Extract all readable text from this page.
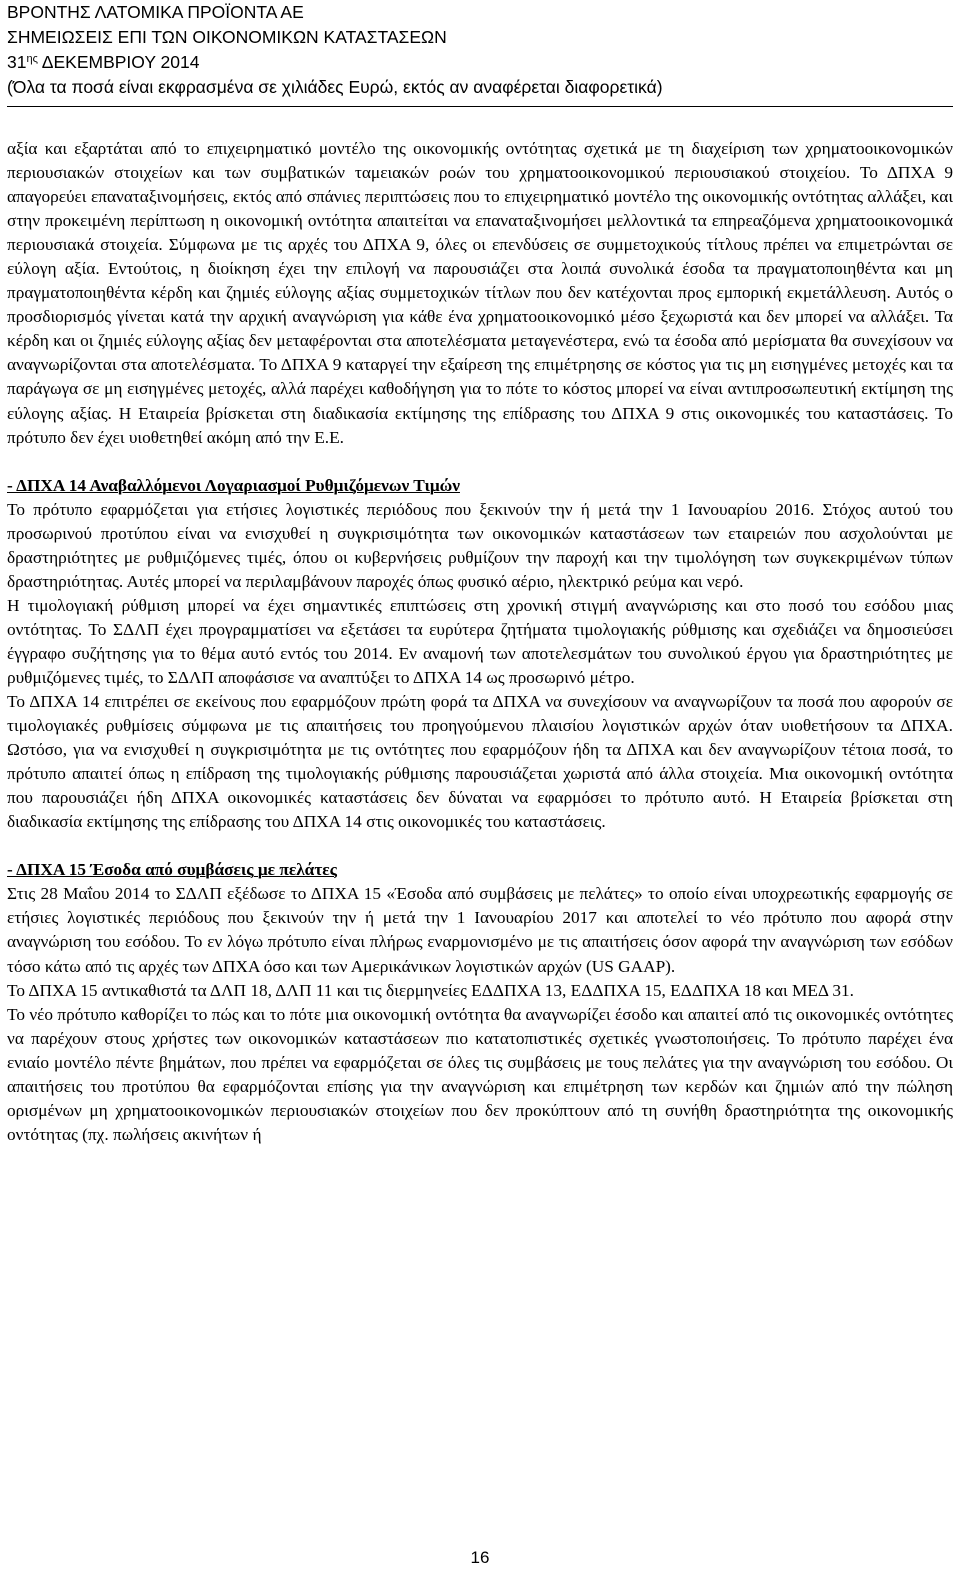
ΒΡΟΝΤΗΣ ΛΑΤΟΜΙΚΑ ΠΡΟΪΟΝΤΑ ΑΕ
ΣΗΜΕΙΩΣΕΙΣ ΕΠΙ ΤΩΝ ΟΙΚΟΝΟΜΙΚΩΝ ΚΑΤΑΣΤΑΣΕΩΝ
$31^{\eta\varsigma}$ ΔΕΚΕΜΒΡΙΟΥ 2014
(Όλα τα ποσά είναι εκφρασμένα σε χιλιάδες Ευρώ, εκτός αν αναφέρεται διαφορετικά)

αξία και εξαρτάται από το επιχειρηματικό μοντέλο της οικονομικής οντότητας σχετικά με τη διαχείριση των χρηματοοικονομικών περιουσιακών στοιχείων και των συμβατικών ταμειακών ροών του χρηματοοικονομικού περιουσιακού στοιχείου. Το ΔΠΧΑ 9 απαγορεύει επαναταξινομήσεις, εκτός από σπάνιες περιπτώσεις που το επιχειρηματικό μοντέλο της οικονομικής οντότητας αλλάξει, και στην προκειμένη περίπτωση η οικονομική οντότητα απαιτείται να επαναταξινομήσει μελλοντικά τα επηρεαζόμενα χρηματοοικονομικά περιουσιακά στοιχεία. Σύμφωνα με τις αρχές του ΔΠΧΑ 9, όλες οι επενδύσεις σε συμμετοχικούς τίτλους πρέπει να επιμετρώνται σε εύλογη αξία. Εντούτοις, η διοίκηση έχει την επιλογή να παρουσιάζει στα λοιπά συνολικά έσοδα τα πραγματοποιηθέντα και μη πραγματοποιηθέντα κέρδη και ζημιές εύλογης αξίας συμμετοχικών τίτλων που δεν κατέχονται προς εμπορική εκμετάλλευση. Αυτός ο προσδιορισμός γίνεται κατά την αρχική αναγνώριση για κάθε ένα χρηματοοικονομικό μέσο ξεχωριστά και δεν μπορεί να αλλάξει. Τα κέρδη και οι ζημιές εύλογης αξίας δεν μεταφέρονται στα αποτελέσματα μεταγενέστερα, ενώ τα έσοδα από μερίσματα θα συνεχίσουν να αναγνωρίζονται στα αποτελέσματα. Το ΔΠΧΑ 9 καταργεί την εξαίρεση της επιμέτρησης σε κόστος για τις μη εισηγμένες μετοχές και τα παράγωγα σε μη εισηγμένες μετοχές, αλλά παρέχει καθοδήγηση για το πότε το κόστος μπορεί να είναι αντιπροσωπευτική εκτίμηση της εύλογης αξίας. Η Εταιρεία βρίσκεται στη διαδικασία εκτίμησης της επίδρασης του ΔΠΧΑ 9 στις οικονομικές του καταστάσεις. Το πρότυπο δεν έχει υιοθετηθεί ακόμη από την Ε.Ε.

- ΔΠΧΑ 14 Αναβαλλόμενοι Λογαριασμοί Ρυθμιζόμενων Τιμών

Το πρότυπο εφαρμόζεται για ετήσιες λογιστικές περιόδους που ξεκινούν την ή μετά την 1 Ιανουαρίου 2016. Στόχος αυτού του προσωρινού προτύπου είναι να ενισχυθεί η συγκρισιμότητα των οικονομικών καταστάσεων των εταιρειών που ασχολούνται με δραστηριότητες με ρυθμιζόμενες τιμές, όπου οι κυβερνήσεις ρυθμίζουν την παροχή και την τιμολόγηση των συγκεκριμένων τύπων δραστηριότητας. Αυτές μπορεί να περιλαμβάνουν παροχές όπως φυσικό αέριο, ηλεκτρικό ρεύμα και νερό.

Η τιμολογιακή ρύθμιση μπορεί να έχει σημαντικές επιπτώσεις στη χρονική στιγμή αναγνώρισης και στο ποσό του εσόδου μιας οντότητας. Το ΣΔΛΠ έχει προγραμματίσει να εξετάσει τα ευρύτερα ζητήματα τιμολογιακής ρύθμισης και σχεδιάζει να δημοσιεύσει έγγραφο συζήτησης για το θέμα αυτό εντός του 2014. Εν αναμονή των αποτελεσμάτων του συνολικού έργου για δραστηριότητες με ρυθμιζόμενες τιμές, το ΣΔΛΠ αποφάσισε να αναπτύξει το ΔΠΧΑ 14 ως προσωρινό μέτρο.

Το ΔΠΧΑ 14 επιτρέπει σε εκείνους που εφαρμόζουν πρώτη φορά τα ΔΠΧΑ να συνεχίσουν να αναγνωρίζουν τα ποσά που αφορούν σε τιμολογιακές ρυθμίσεις σύμφωνα με τις απαιτήσεις του προηγούμενου πλαισίου λογιστικών αρχών όταν υιοθετήσουν τα ΔΠΧΑ. Ωστόσο, για να ενισχυθεί η συγκρισιμότητα με τις οντότητες που εφαρμόζουν ήδη τα ΔΠΧΑ και δεν αναγνωρίζουν τέτοια ποσά, το πρότυπο απαιτεί όπως η επίδραση της τιμολογιακής ρύθμισης παρουσιάζεται χωριστά από άλλα στοιχεία. Μια οικονομική οντότητα που παρουσιάζει ήδη ΔΠΧΑ οικονομικές καταστάσεις δεν δύναται να εφαρμόσει το πρότυπο αυτό. Η Εταιρεία βρίσκεται στη διαδικασία εκτίμησης της επίδρασης του ΔΠΧΑ 14 στις οικονομικές του καταστάσεις.

- ΔΠΧΑ 15 Έσοδα από συμβάσεις με πελάτες

Στις 28 Μαΐου 2014 το ΣΔΛΠ εξέδωσε το ΔΠΧΑ 15 «Έσοδα από συμβάσεις με πελάτες» το οποίο είναι υποχρεωτικής εφαρμογής σε ετήσιες λογιστικές περιόδους που ξεκινούν την ή μετά την 1 Ιανουαρίου 2017 και αποτελεί το νέο πρότυπο που αφορά στην αναγνώριση του εσόδου. Το εν λόγω πρότυπο είναι πλήρως εναρμονισμένο με τις απαιτήσεις όσον αφορά την αναγνώριση των εσόδων τόσο κάτω από τις αρχές των ΔΠΧΑ όσο και των Αμερικάνικων λογιστικών αρχών (US GAAP).

Το ΔΠΧΑ 15 αντικαθιστά τα ΔΛΠ 18, ΔΛΠ 11 και τις διερμηνείες ΕΔΔΠΧΑ 13, ΕΔΔΠΧΑ 15, ΕΔΔΠΧΑ 18 και ΜΕΔ 31.

Το νέο πρότυπο καθορίζει το πώς και το πότε μια οικονομική οντότητα θα αναγνωρίζει έσοδο και απαιτεί από τις οικονομικές οντότητες να παρέχουν στους χρήστες των οικονομικών καταστάσεων πιο κατατοπιστικές σχετικές γνωστοποιήσεις. Το πρότυπο παρέχει ένα ενιαίο μοντέλο πέντε βημάτων, που πρέπει να εφαρμόζεται σε όλες τις συμβάσεις με τους πελάτες για την αναγνώριση του εσόδου. Οι απαιτήσεις του προτύπου θα εφαρμόζονται επίσης για την αναγνώριση και επιμέτρηση των κερδών και ζημιών από την πώληση ορισμένων μη χρηματοοικονομικών περιουσιακών στοιχείων που δεν προκύπτουν από τη συνήθη δραστηριότητα της οικονομικής οντότητας (πχ. πωλήσεις ακινήτων ή

16
